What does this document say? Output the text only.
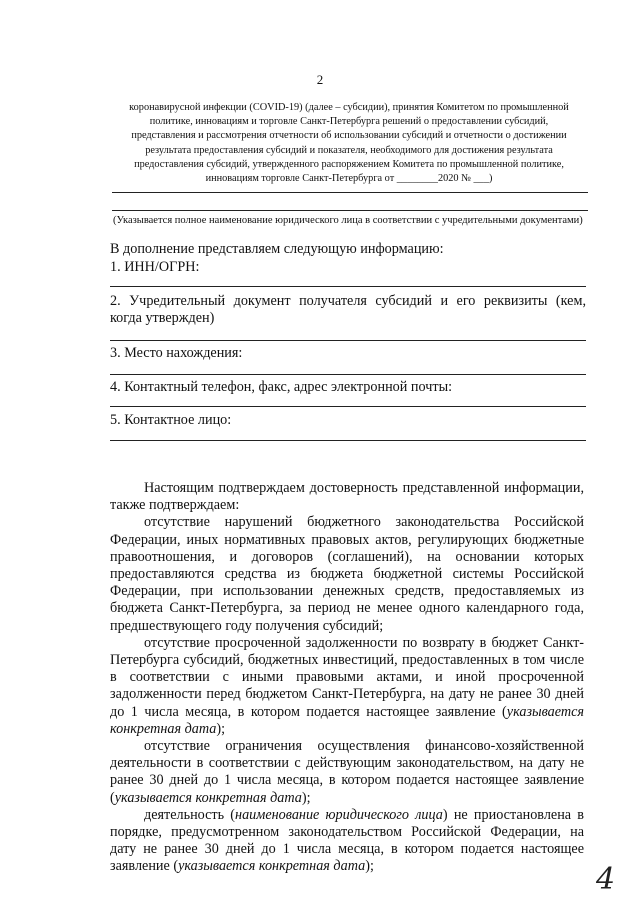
2
коронавирусной инфекции (COVID-19) (далее – субсидии), принятия Комитетом по промышленной
политике, инновациям и торговле Санкт-Петербурга решений о предоставлении субсидий,
представления и рассмотрения отчетности об использовании субсидий и отчетности о достижении
результата предоставления субсидий и показателя, необходимого для достижения результата
предоставления субсидий, утвержденного распоряжением Комитета по промышленной политике,
инновациям торговле Санкт-Петербурга от ________2020 № ___)
(Указывается полное наименование юридического лица в соответствии с учредительными документами)
В дополнение представляем следующую информацию:
1. ИНН/ОГРН:
2. Учредительный документ получателя субсидий и его реквизиты (кем,
когда утвержден)
3. Место нахождения:
4. Контактный телефон, факс, адрес электронной почты:
5. Контактное лицо:

Настоящим подтверждаем достоверность представленной информации, также подтверждаем:

отсутствие нарушений бюджетного законодательства Российской Федерации, иных нормативных правовых актов, регулирующих бюджетные правоотношения, и договоров (соглашений), на основании которых предоставляются средства из бюджета бюджетной системы Российской Федерации, при использовании денежных средств, предоставляемых из бюджета Санкт-Петербурга, за период не менее одного календарного года, предшествующего году получения субсидий;

отсутствие просроченной задолженности по возврату в бюджет Санкт-Петербурга субсидий, бюджетных инвестиций, предоставленных в том числе в соответствии с иными правовыми актами, и иной просроченной задолженности перед бюджетом Санкт-Петербурга, на дату не ранее 30 дней до 1 числа месяца, в котором подается настоящее заявление (указывается конкретная дата);

отсутствие ограничения осуществления финансово-хозяйственной деятельности в соответствии с действующим законодательством, на дату не ранее 30 дней до 1 числа месяца, в котором подается настоящее заявление (указывается конкретная дата);

деятельность (наименование юридического лица) не приостановлена в порядке, предусмотренном законодательством Российской Федерации, на дату не ранее 30 дней до 1 числа месяца, в котором подается настоящее заявление (указывается конкретная дата);	4
